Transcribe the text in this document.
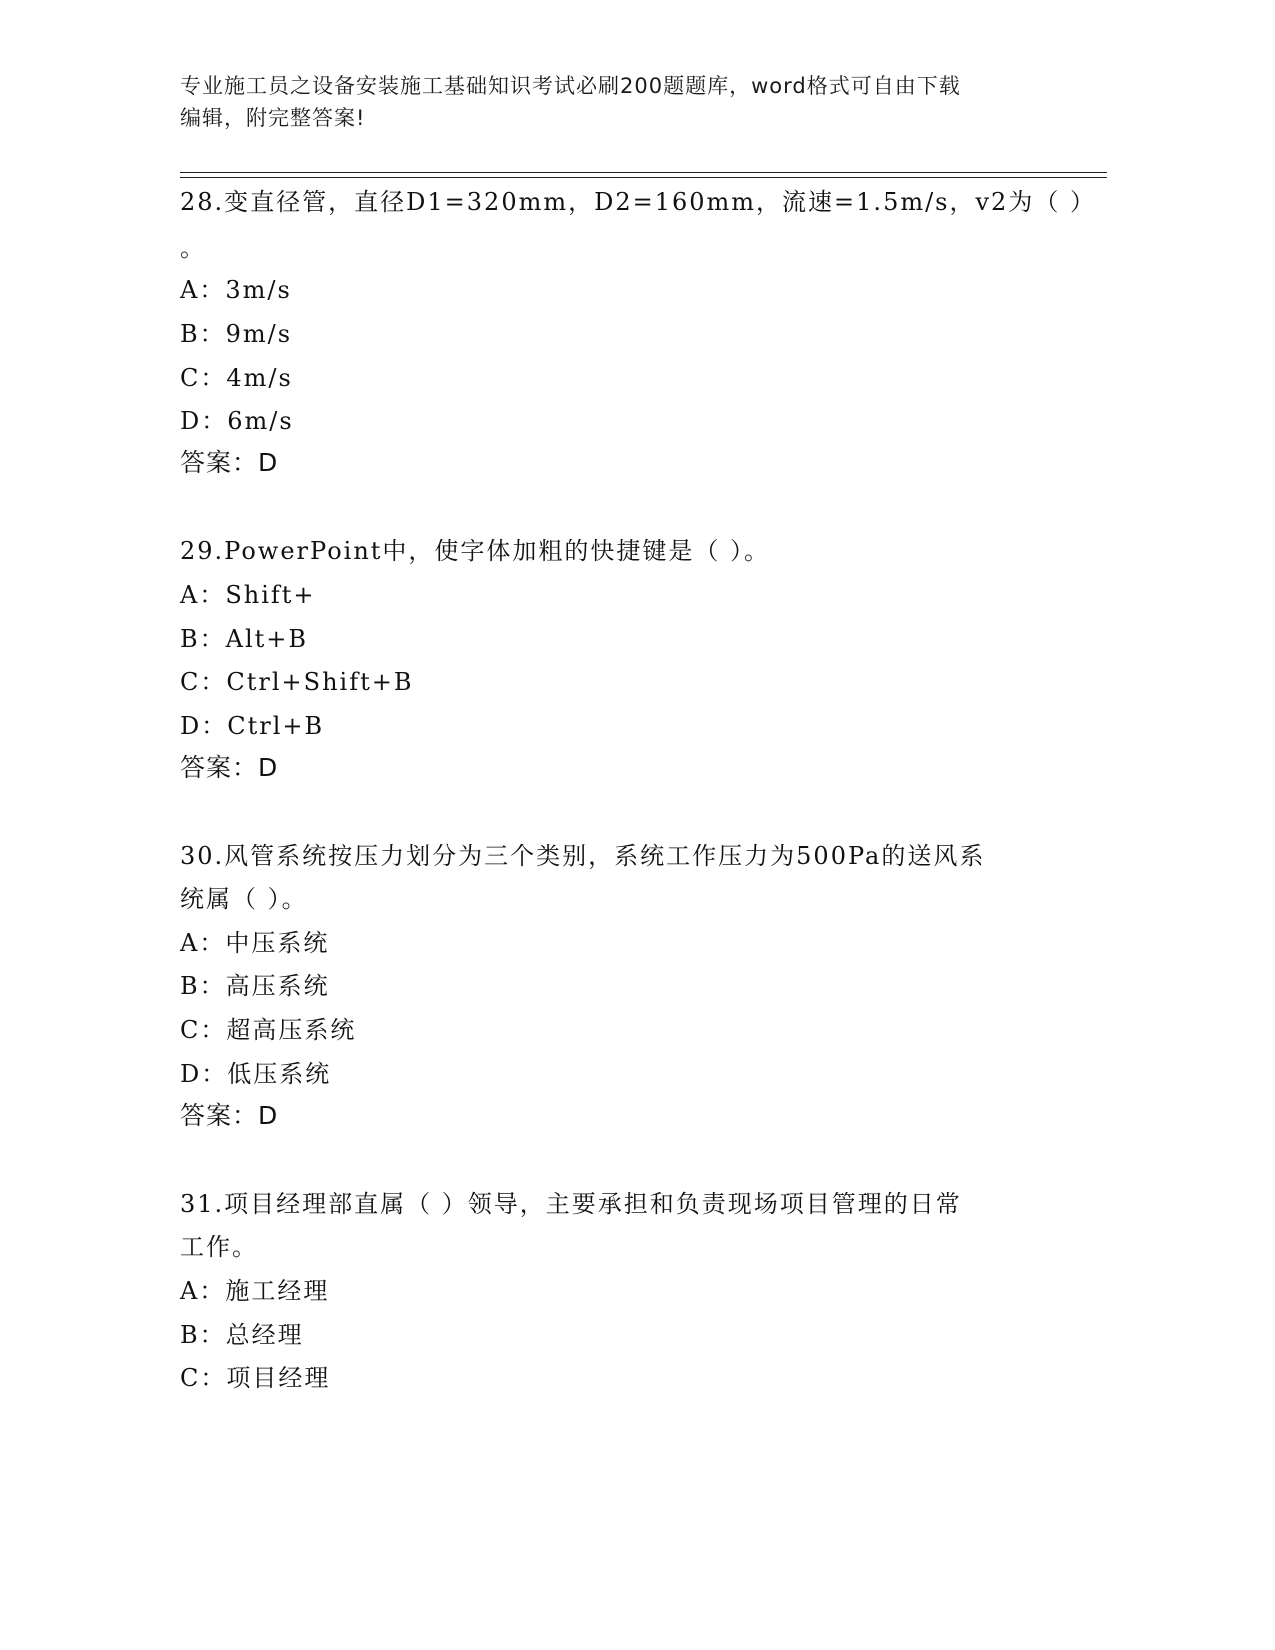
专业施工员之设备安装施工基础知识考试必刷200题题库，word格式可自由下载
编辑，附完整答案!
28.变直径管，直径D1=320mm，D2=160mm，流速=1.5m/s，v2为（ ）
。
A：3m/s
B：9m/s
C：4m/s
D：6m/s
答案：D
29.PowerPoint中，使字体加粗的快捷键是（ ）。
A：Shift+
B：Alt+B
C：Ctrl+Shift+B
D：Ctrl+B
答案：D
30.风管系统按压力划分为三个类别，系统工作压力为500Pa的送风系
统属（ ）。
A：中压系统
B：高压系统
C：超高压系统
D：低压系统
答案：D
31.项目经理部直属（ ）领导，主要承担和负责现场项目管理的日常
工作。
A：施工经理
B：总经理
C：项目经理
